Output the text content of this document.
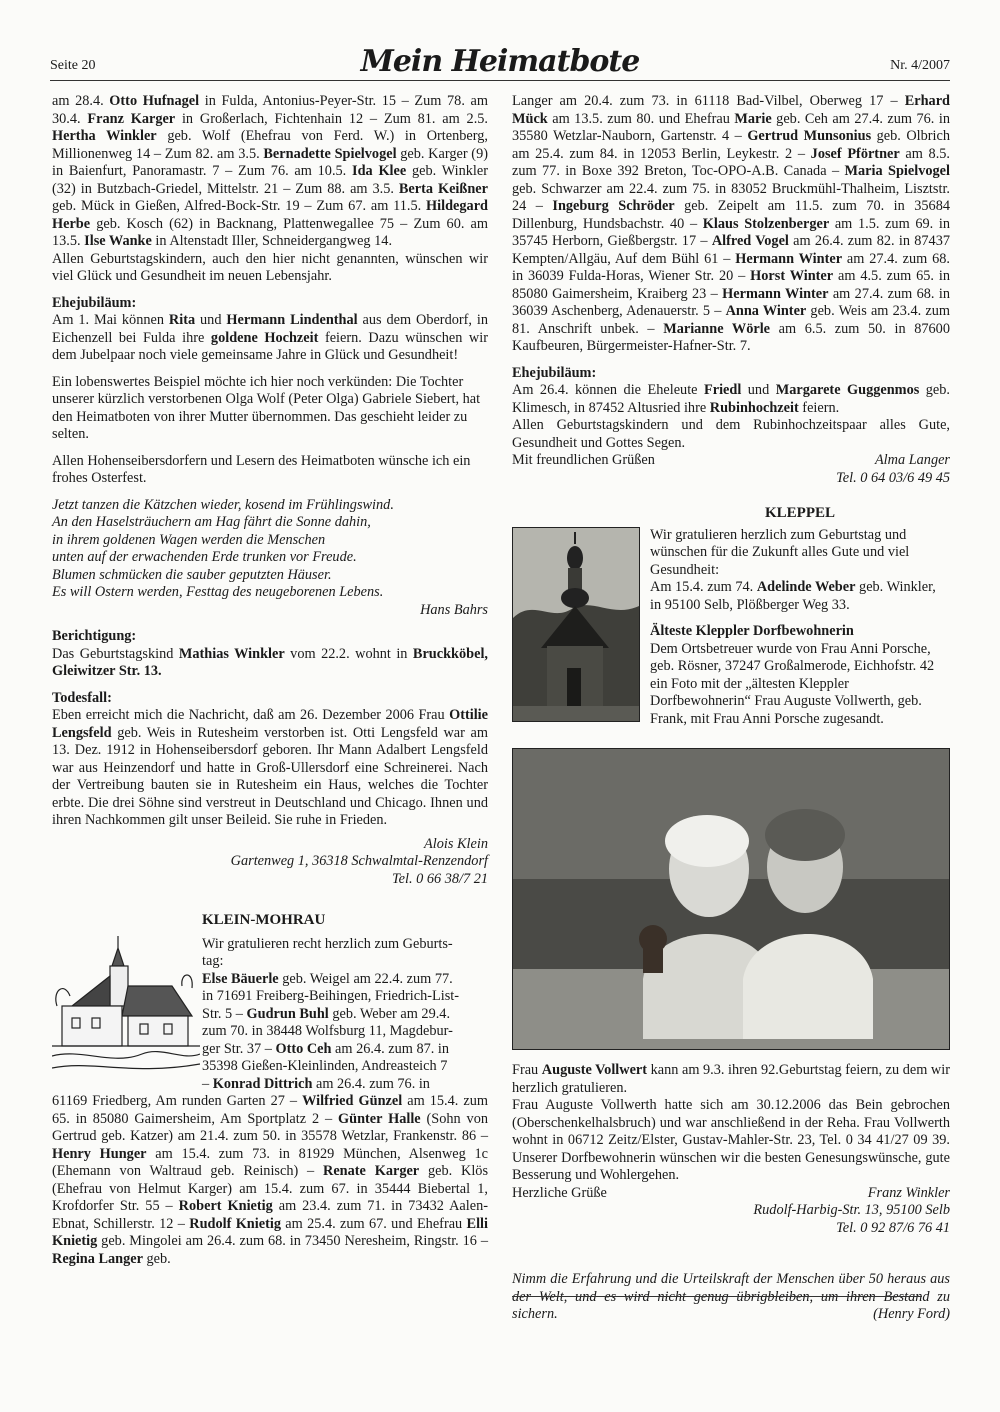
Seite 20	Mein Heimatbote	Nr. 4/2007

am 28.4. Otto Hufnagel in Fulda, Antonius-Peyer-Str. 15 – Zum 78. am 30.4. Franz Karger in Großerlach, Fichtenhain 12 – Zum 81. am 2.5. Hertha Winkler geb. Wolf (Ehefrau von Ferd. W.) in Ortenberg, Millionenweg 14 – Zum 82. am 3.5. Bernadette Spielvogel geb. Karger (9) in Baienfurt, Panoramastr. 7 – Zum 76. am 10.5. Ida Klee geb. Winkler (32) in Butzbach-Griedel, Mittelstr. 21 – Zum 88. am 3.5. Berta Keißner geb. Mück in Gießen, Alfred-Bock-Str. 19 – Zum 67. am 11.5. Hildegard Herbe geb. Kosch (62) in Backnang, Plattenwegallee 75 – Zum 60. am 13.5. Ilse Wanke in Altenstadt Iller, Schneidergangweg 14.

Allen Geburtstagskindern, auch den hier nicht genannten, wünschen wir viel Glück und Gesundheit im neuen Lebensjahr.

Ehejubiläum:

Am 1. Mai können Rita und Hermann Lindenthal aus dem Oberdorf, in Eichenzell bei Fulda ihre goldene Hochzeit feiern. Dazu wünschen wir dem Jubelpaar noch viele gemeinsame Jahre in Glück und Gesundheit!

Ein lobenswertes Beispiel möchte ich hier noch verkünden: Die Tochter unserer kürzlich verstorbenen Olga Wolf (Peter Olga) Gabriele Siebert, hat den Heimatboten von ihrer Mutter übernommen. Das geschieht leider zu selten.

Allen Hohenseibersdorfern und Lesern des Heimatboten wünsche ich ein frohes Osterfest.

Jetzt tanzen die Kätzchen wieder, kosend im Frühlingswind.

An den Haselsträuchern am Hag fährt die Sonne dahin,

in ihrem goldenen Wagen werden die Menschen

unten auf der erwachenden Erde trunken vor Freude.

Blumen schmücken die sauber geputzten Häuser.

Es will Ostern werden, Festtag des neugeborenen Lebens.

Hans Bahrs

Berichtigung:

Das Geburtstagskind Mathias Winkler vom 22.2. wohnt in Bruckköbel, Gleiwitzer Str. 13.

Todesfall:

Eben erreicht mich die Nachricht, daß am 26. Dezember 2006 Frau Ottilie Lengsfeld geb. Weis in Rutesheim verstorben ist. Otti Lengsfeld war am 13. Dez. 1912 in Hohenseibersdorf geboren. Ihr Mann Adalbert Lengsfeld war aus Heinzendorf und hatte in Groß-Ullersdorf eine Schreinerei. Nach der Vertreibung bauten sie in Rutesheim ein Haus, welches die Tochter erbte. Die drei Söhne sind verstreut in Deutschland und Chicago. Ihnen und ihren Nachkommen gilt unser Beileid. Sie ruhe in Frieden.

Alois Klein

Gartenweg 1, 36318 Schwalmtal-Renzendorf

Tel. 0 66 38/7 21

KLEIN-MOHRAU

Wir gratulieren recht herzlich zum Geburts-

tag:

Else Bäuerle geb. Weigel am 22.4. zum 77.

in 71691 Freiberg-Beihingen, Friedrich-List-

Str. 5 – Gudrun Buhl geb. Weber am 29.4.

zum 70. in 38448 Wolfsburg 11, Magdebur-

ger Str. 37 – Otto Ceh am 26.4. zum 87. in

35398 Gießen-Kleinlinden, Andreasteich 7

– Konrad Dittrich am 26.4. zum 76. in

61169 Friedberg, Am runden Garten 27 – Wilfried Günzel am 15.4. zum 65. in 85080 Gaimersheim, Am Sportplatz 2 – Günter Halle (Sohn von Gertrud geb. Katzer) am 21.4. zum 50. in 35578 Wetzlar, Frankenstr. 86 – Henry Hunger am 15.4. zum 73. in 81929 München, Alsenweg 1c (Ehemann von Waltraud geb. Reinisch) – Renate Karger geb. Klös (Ehefrau von Helmut Karger) am 15.4. zum 67. in 35444 Biebertal 1, Krofdorfer Str. 55 – Robert Knietig am 23.4. zum 71. in 73432 Aalen-Ebnat, Schillerstr. 12 – Rudolf Knietig am 25.4. zum 67. und Ehefrau Elli Knietig geb. Mingolei am 26.4. zum 68. in 73450 Neresheim, Ringstr. 16 – Regina Langer geb.

Langer am 20.4. zum 73. in 61118 Bad-Vilbel, Oberweg 17 – Erhard Mück am 13.5. zum 80. und Ehefrau Marie geb. Ceh am 27.4. zum 76. in 35580 Wetzlar-Nauborn, Gartenstr. 4 – Gertrud Munsonius geb. Olbrich am 25.4. zum 84. in 12053 Berlin, Leykestr. 2 – Josef Pförtner am 8.5. zum 77. in Boxe 392 Breton, Toc-OPO-A.B. Canada – Maria Spielvogel geb. Schwarzer am 22.4. zum 75. in 83052 Bruckmühl-Thalheim, Lisztstr. 24 – Ingeburg Schröder geb. Zeipelt am 11.5. zum 70. in 35684 Dillenburg, Hundsbachstr. 40 – Klaus Stolzenberger am 1.5. zum 69. in 35745 Herborn, Gießbergstr. 17 – Alfred Vogel am 26.4. zum 82. in 87437 Kempten/Allgäu, Auf dem Bühl 61 – Hermann Winter am 27.4. zum 68. in 36039 Fulda-Horas, Wiener Str. 20 – Horst Winter am 4.5. zum 65. in 85080 Gaimersheim, Kraiberg 23 – Hermann Winter am 27.4. zum 68. in 36039 Aschenberg, Adenauerstr. 5 – Anna Winter geb. Weis am 23.4. zum 81. Anschrift unbek. – Marianne Wörle am 6.5. zum 50. in 87600 Kaufbeuren, Bürgermeister-Hafner-Str. 7.

Ehejubiläum:

Am 26.4. können die Eheleute Friedl und Margarete Guggenmos geb. Klimesch, in 87452 Altusried ihre Rubinhochzeit feiern.

Allen Geburtstagskindern und dem Rubinhochzeitspaar alles Gute, Gesundheit und Gottes Segen.

Mit freundlichen Grüßen	Alma Langer

Tel. 0 64 03/6 49 45

KLEPPEL

Wir gratulieren herzlich zum Geburtstag und wünschen für die Zukunft alles Gute und viel Gesundheit:

Am 15.4. zum 74. Adelinde Weber geb. Winkler, in 95100 Selb, Plößberger Weg 33.

Älteste Kleppler Dorfbewohnerin

Dem Ortsbetreuer wurde von Frau Anni Porsche, geb. Rösner, 37247 Großalmerode, Eichhofstr. 42 ein Foto mit der „ältesten Kleppler Dorfbewohnerin“ Frau Auguste Vollwerth, geb. Frank, mit Frau Anni Porsche zugesandt.

Frau Auguste Vollwert kann am 9.3. ihren 92.Geburtstag feiern, zu dem wir herzlich gratulieren.

Frau Auguste Vollwerth hatte sich am 30.12.2006 das Bein gebrochen (Oberschenkelhalsbruch) und war anschließend in der Reha. Frau Vollwerth wohnt in 06712 Zeitz/Elster, Gustav-Mahler-Str. 23, Tel. 0 34 41/27 09 39. Unserer Dorfbewohnerin wünschen wir die besten Genesungswünsche, gute Besserung und Wohlergehen.

Herzliche Grüße	Franz Winkler

Rudolf-Harbig-Str. 13, 95100 Selb

Tel. 0 92 87/6 76 41

Nimm die Erfahrung und die Urteilskraft der Menschen über 50 heraus aus der Welt, und es wird nicht genug übrigbleiben, um ihren Bestand zu sichern.	(Henry Ford)
